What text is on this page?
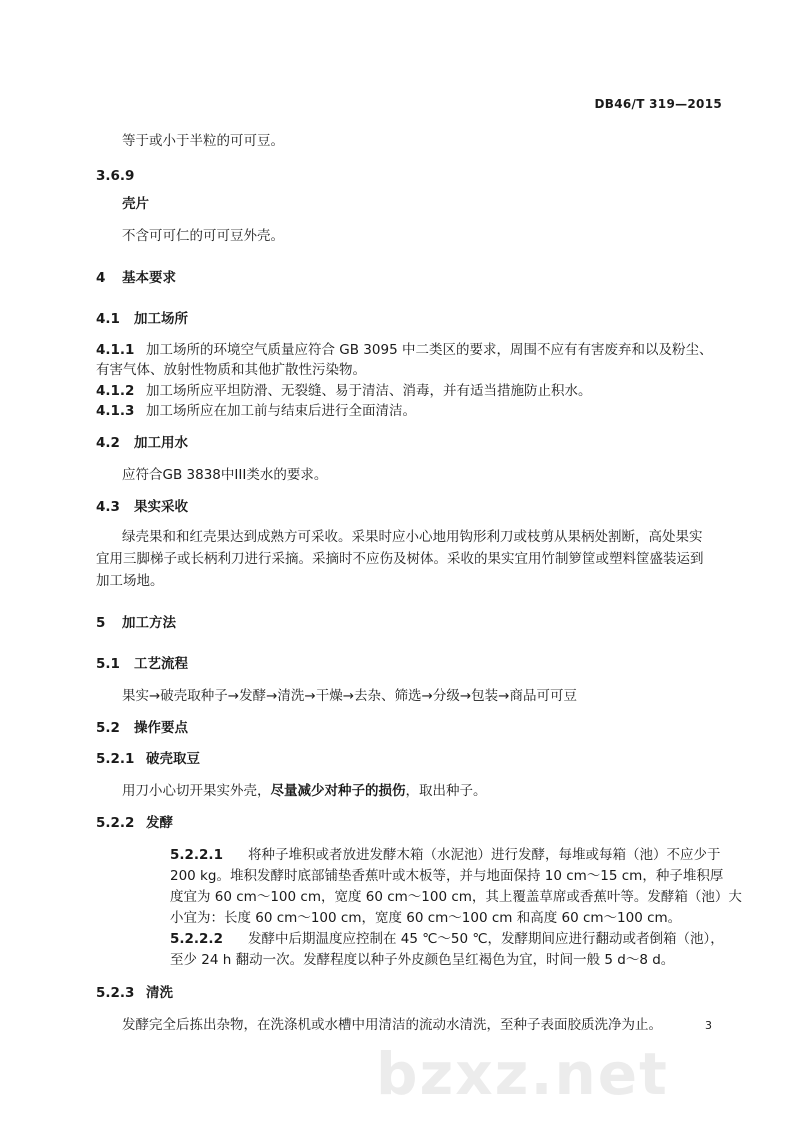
DB46/T 319—2015
等于或小于半粒的可可豆。
3.6.9
壳片
不含可可仁的可可豆外壳。
4 基本要求
4.1 加工场所
4.1.1 加工场所的环境空气质量应符合 GB 3095 中二类区的要求，周围不应有有害废弃和以及粉尘、
有害气体、放射性物质和其他扩散性污染物。
4.1.2 加工场所应平坦防滑、无裂缝、易于清洁、消毒，并有适当措施防止积水。
4.1.3 加工场所应在加工前与结束后进行全面清洁。
4.2 加工用水
应符合GB 3838中III类水的要求。
4.3 果实采收
绿壳果和和红壳果达到成熟方可采收。采果时应小心地用钩形利刀或枝剪从果柄处割断，高处果实
宜用三脚梯子或长柄利刀进行采摘。采摘时不应伤及树体。采收的果实宜用竹制箩筐或塑料筐盛装运到
加工场地。
5 加工方法
5.1 工艺流程
果实→破壳取种子→发酵→清洗→干燥→去杂、筛选→分级→包装→商品可可豆
5.2 操作要点
5.2.1 破壳取豆
用刀小心切开果实外壳，尽量减少对种子的损伤，取出种子。
5.2.2 发酵
5.2.2.1 将种子堆积或者放进发酵木箱（水泥池）进行发酵，每堆或每箱（池）不应少于
200 kg。堆积发酵时底部铺垫香蕉叶或木板等，并与地面保持 10 cm～15 cm，种子堆积厚
度宜为 60 cm～100 cm，宽度 60 cm～100 cm，其上覆盖草席或香蕉叶等。发酵箱（池）大
小宜为：长度 60 cm～100 cm，宽度 60 cm～100 cm 和高度 60 cm～100 cm。
5.2.2.2 发酵中后期温度应控制在 45 ℃～50 ℃，发酵期间应进行翻动或者倒箱（池），
至少 24 h 翻动一次。发酵程度以种子外皮颜色呈红褐色为宜，时间一般 5 d～8 d。
5.2.3 清洗
发酵完全后拣出杂物，在洗涤机或水槽中用清洁的流动水清洗，至种子表面胶质洗净为止。	3
bzxz.net
